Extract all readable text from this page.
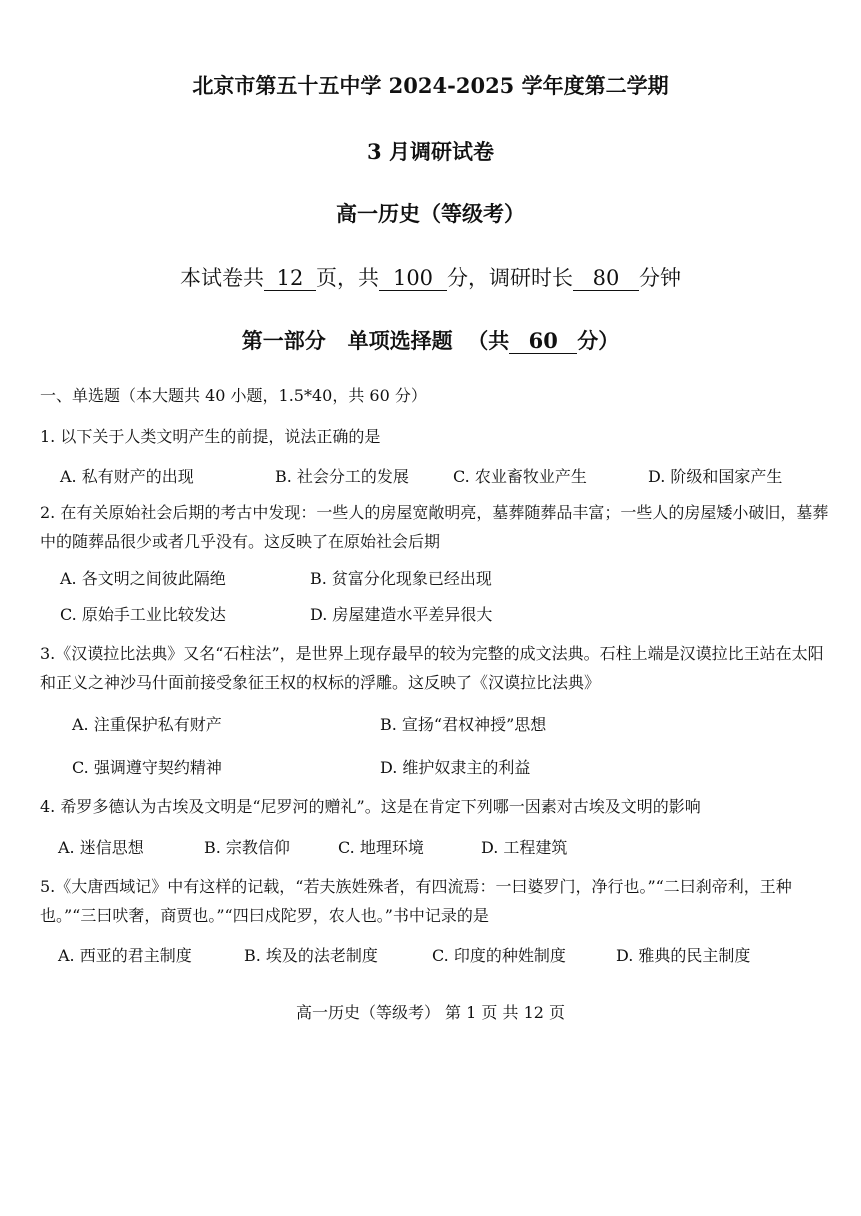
北京市第五十五中学 2024-2025 学年度第二学期
3 月调研试卷
高一历史（等级考）
本试卷共 12 页，共 100 分，调研时长 80 分钟
第一部分 单项选择题 （共 60 分）
一、单选题（本大题共 40 小题，1.5*40，共 60 分）
1. 以下关于人类文明产生的前提，说法正确的是
A. 私有财产的出现	B. 社会分工的发展	C. 农业畜牧业产生	D. 阶级和国家产生
2. 在有关原始社会后期的考古中发现：一些人的房屋宽敞明亮，墓葬随葬品丰富；一些人的房屋矮小破旧，墓葬中的随葬品很少或者几乎没有。这反映了在原始社会后期
A. 各文明之间彼此隔绝	B. 贫富分化现象已经出现
C. 原始手工业比较发达	D. 房屋建造水平差异很大
3.《汉谟拉比法典》又名“石柱法”，是世界上现存最早的较为完整的成文法典。石柱上端是汉谟拉比王站在太阳和正义之神沙马什面前接受象征王权的权标的浮雕。这反映了《汉谟拉比法典》
A. 注重保护私有财产	B. 宣扬“君权神授”思想
C. 强调遵守契约精神	D. 维护奴隶主的利益
4. 希罗多德认为古埃及文明是“尼罗河的赠礼”。这是在肯定下列哪一因素对古埃及文明的影响
A. 迷信思想	B. 宗教信仰	C. 地理环境	D. 工程建筑
5.《大唐西域记》中有这样的记载，“若夫族姓殊者，有四流焉：一曰婆罗门，净行也。”“二曰刹帝利，王种也。”“三曰吠奢，商贾也。”“四曰戍陀罗，农人也。”书中记录的是
A. 西亚的君主制度	B. 埃及的法老制度	C. 印度的种姓制度	D. 雅典的民主制度
高一历史（等级考） 第 1 页 共 12 页
